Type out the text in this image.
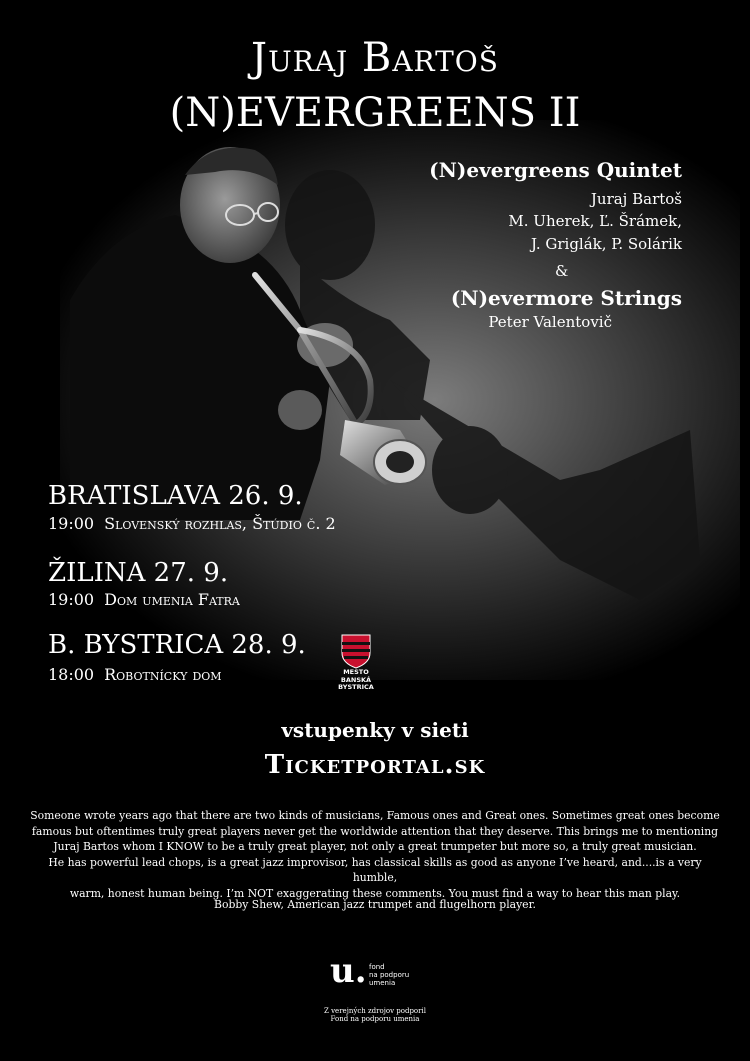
Juraj Bartoš
(N)EVERGREENS II
(N)evergreens Quintet
Juraj Bartoš
M. Uherek, Ľ. Šrámek,
J. Griglák, P. Solárik
&
(N)evermore Strings
Peter Valentovič
BRATISLAVA 26. 9.
19:00 Slovenský rozhlas, Štúdio č. 2
ŽILINA 27. 9.
19:00 Dom umenia Fatra
B. BYSTRICA 28. 9.
18:00 Robotnícky dom	MESTO
BANSKÁ BYSTRICA
vstupenky v sieti
Ticketportal.sk
Someone wrote years ago that there are two kinds of musicians, Famous ones and Great ones. Sometimes great ones become
famous but oftentimes truly great players never get the worldwide attention that they deserve. This brings me to mentioning
Juraj Bartos whom I KNOW to be a truly great player, not only a great trumpeter but more so, a truly great musician.
He has powerful lead chops, is a great jazz improvisor, has classical skills as good as anyone I’ve heard, and....is a very humble,
warm, honest human being. I’m NOT exaggerating these comments. You must find a way to hear this man play.
Bobby Shew, American jazz trumpet and flugelhorn player.
u. fond
na podporu
umenia
Z verejných zdrojov podporil
Fond na podporu umenia
